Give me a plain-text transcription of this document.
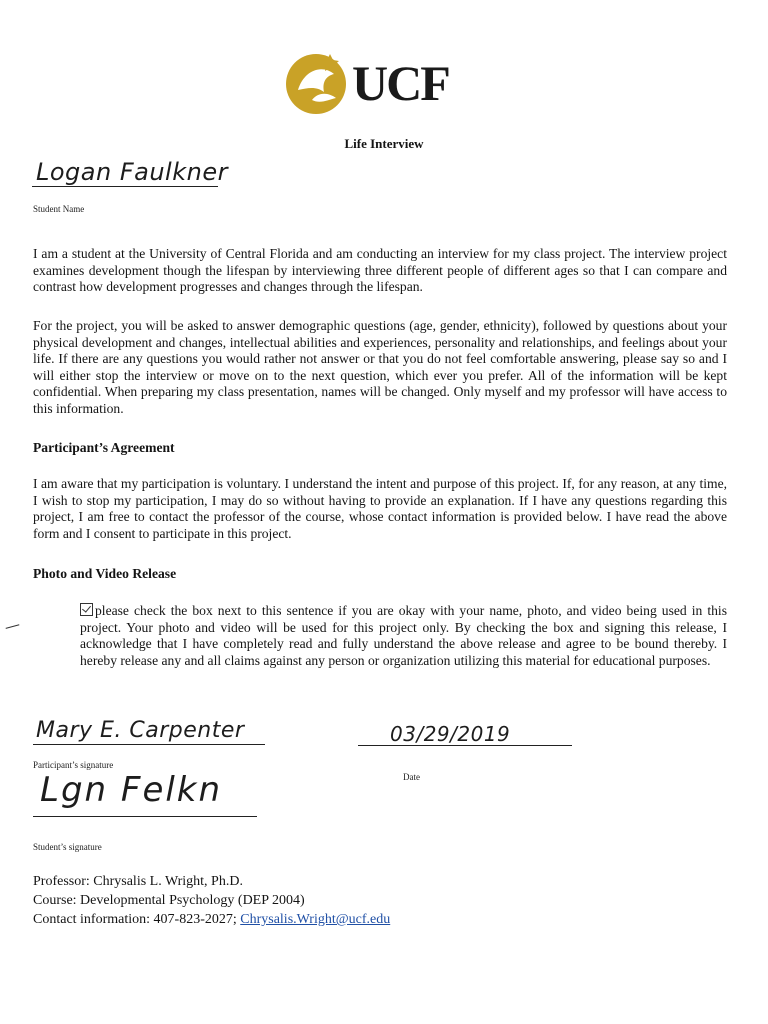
UCF
Life Interview
Logan Faulkner
Student Name
I am a student at the University of Central Florida and am conducting an interview for my class project. The interview project examines development though the lifespan by interviewing three different people of different ages so that I can compare and contrast how development progresses and changes through the lifespan.
For the project, you will be asked to answer demographic questions (age, gender, ethnicity), followed by questions about your physical development and changes, intellectual abilities and experiences, personality and relationships, and feelings about your life. If there are any questions you would rather not answer or that you do not feel comfortable answering, please say so and I will either stop the interview or move on to the next question, which ever you prefer. All of the information will be kept confidential. When preparing my class presentation, names will be changed. Only myself and my professor will have access to this information.
Participant’s Agreement
I am aware that my participation is voluntary. I understand the intent and purpose of this project. If, for any reason, at any time, I wish to stop my participation, I may do so without having to provide an explanation. If I have any questions regarding this project, I am free to contact the professor of the course, whose contact information is provided below. I have read the above form and I consent to participate in this project.
Photo and Video Release
please check the box next to this sentence if you are okay with your name, photo, and video being used in this project. Your photo and video will be used for this project only. By checking the box and signing this release, I acknowledge that I have completely read and fully understand the above release and agree to be bound thereby. I hereby release any and all claims against any person or organization utilizing this material for educational purposes.
Mary E. Carpenter
Participant’s signature
03/29/2019
Date
Lgn Felkn
Student’s signature
Professor: Chrysalis L. Wright, Ph.D.
Course: Developmental Psychology (DEP 2004)
Contact information: 407-823-2027; Chrysalis.Wright@ucf.edu
